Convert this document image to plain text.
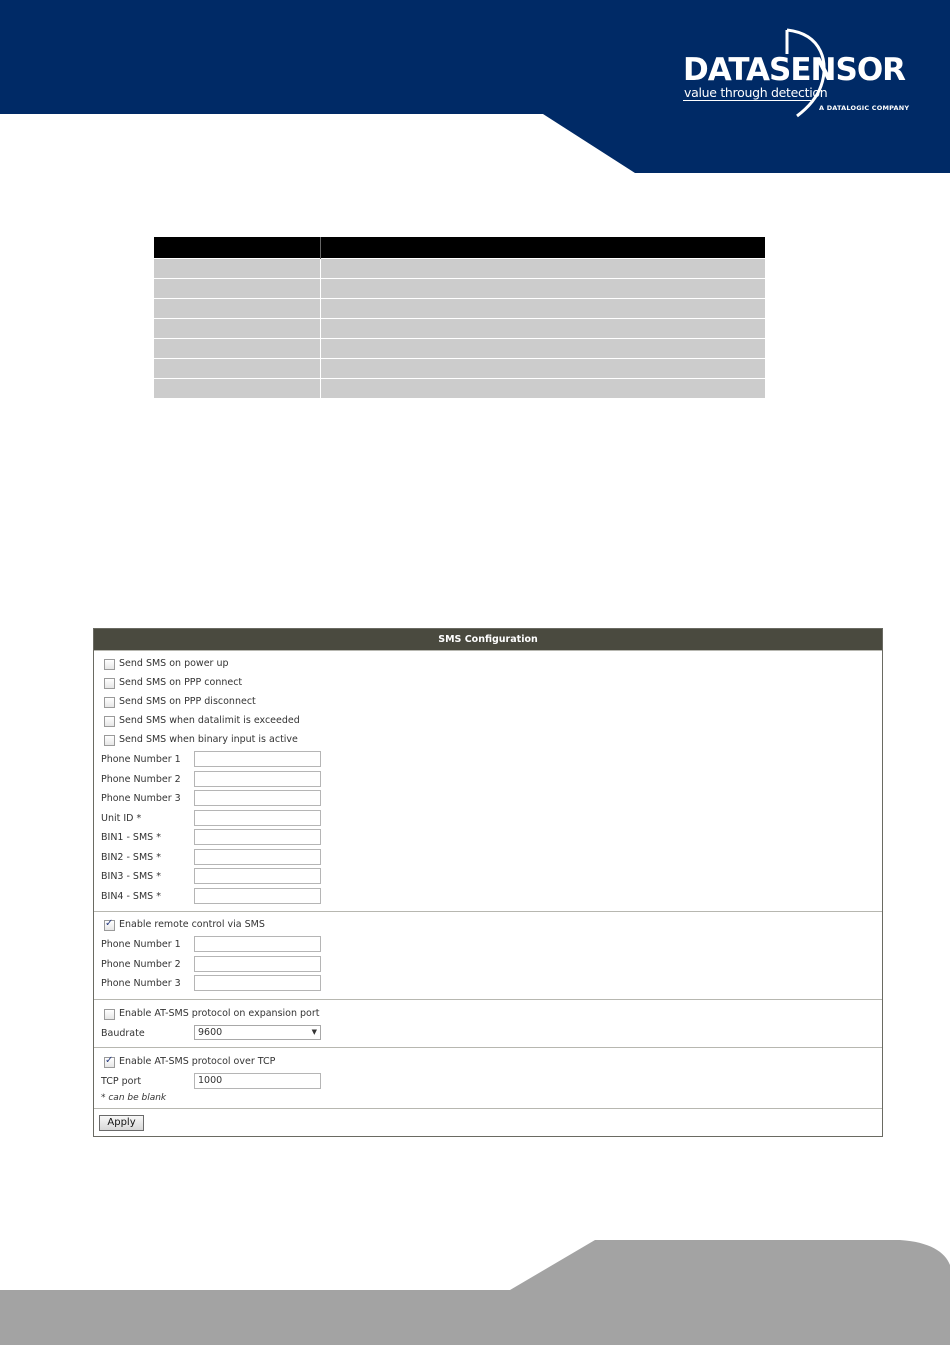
DATASENSOR
value through detection
A DATALOGIC COMPANY

SMS Configuration
Send SMS on power up
Send SMS on PPP connect
Send SMS on PPP disconnect
Send SMS when datalimit is exceeded
Send SMS when binary input is active
Phone Number 1
Phone Number 2
Phone Number 3
Unit ID *
BIN1 - SMS *
BIN2 - SMS *
BIN3 - SMS *
BIN4 - SMS *
✓
Enable remote control via SMS
Phone Number 1
Phone Number 2
Phone Number 3
Enable AT-SMS protocol on expansion port
Baudrate	9600	▼
✓
Enable AT-SMS protocol over TCP
TCP port	1000
* can be blank
Apply
